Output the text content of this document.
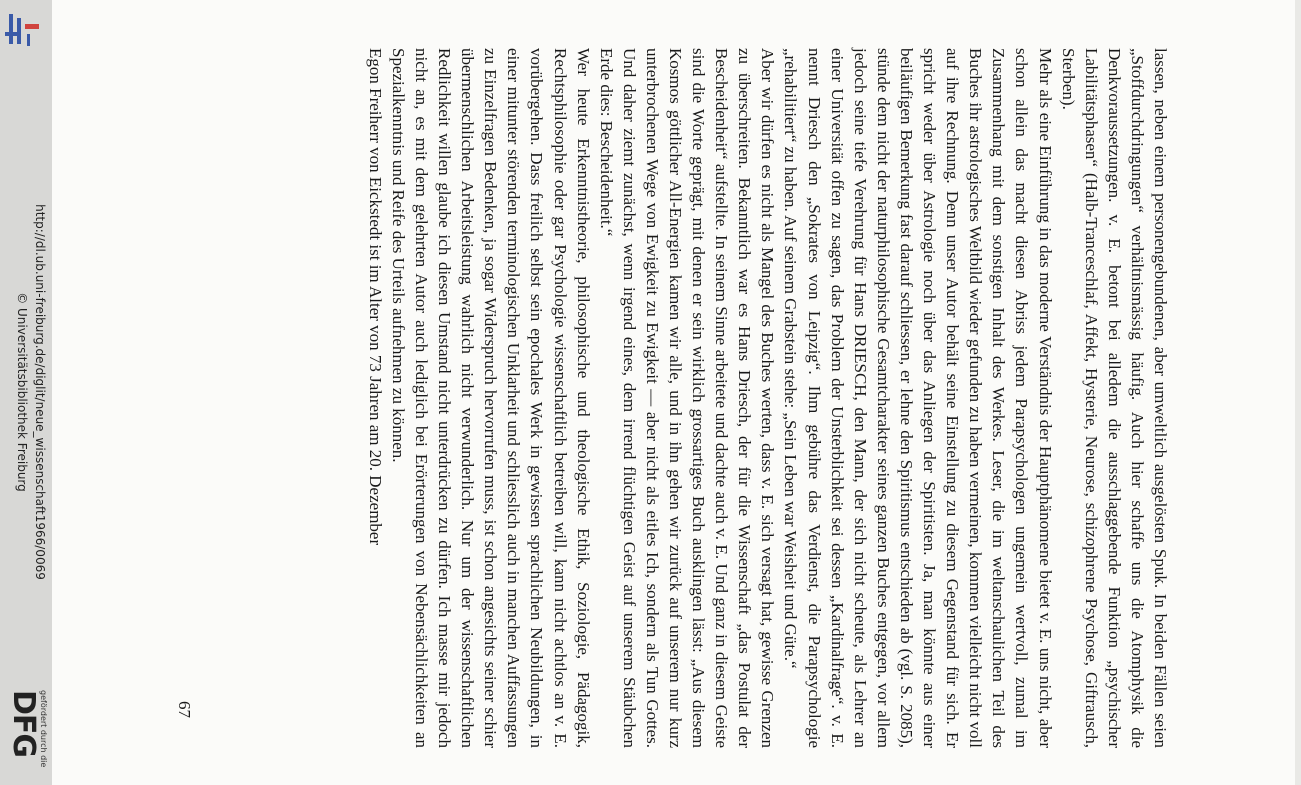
http://dl.ub.uni-freiburg.de/diglit/neue_wissenschaft1966/0069
© Universitätsbibliothek Freiburg
gefördert durch die
DFG	lassen, neben einem personengebundenen, aber umweltlich ausgelösten Spuk. In beiden Fällen seien „Stoffdurchdringungen“ verhältnismässig häufig. Auch hier schaffe uns die Atomphysik die Denkvoraussetzungen. v. E. betont bei alledem die ausschlaggebende Funktion „psychischer Labilitätsphasen“ (Halb-Tranceschlaf, Affekt, Hysterie, Neurose, schizophrene Psychose, Giftrausch, Sterben).

Mehr als eine Einführung in das moderne Verständnis der Hauptphänomene bietet v. E. uns nicht, aber schon allein das macht diesen Abriss jedem Parapsychologen ungemein wertvoll, zumal im Zusammenhang mit dem sonstigen Inhalt des Werkes. Leser, die im weltanschaulichen Teil des Buches ihr astrologisches Weltbild wieder gefunden zu haben vermeinen, kommen vielleicht nicht voll auf ihre Rechnung. Denn unser Autor behält seine Einstellung zu diesem Gegenstand für sich. Er spricht weder über Astrologie noch über das Anliegen der Spiritisten. Ja, man könnte aus einer beiläufigen Bemerkung fast darauf schliessen, er lehne den Spiritismus entschieden ab (vgl. S. 2085), stünde dem nicht der naturphilosophische Gesamtcharakter seines ganzen Buches entgegen, vor allem jedoch seine tiefe Verehrung für Hans DRIESCH, den Mann, der sich nicht scheute, als Lehrer an einer Universität offen zu sagen, das Problem der Unsterblichkeit sei dessen „Kardinalfrage“. v. E. nennt Driesch den „Sokrates von Leipzig“. Ihm gebühre das Verdienst, die Parapsychologie „rehabilitiert“ zu haben. Auf seinem Grabstein stehe: „Sein Leben war Weisheit und Güte.“

Aber wir dürfen es nicht als Mangel des Buches werten, dass v. E. sich versagt hat, gewisse Grenzen zu überschreiten. Bekanntlich war es Hans Driesch, der für die Wissenschaft „das Postulat der Bescheidenheit“ aufstellte. In seinem Sinne arbeitete und dachte auch v. E. Und ganz in diesem Geiste sind die Worte geprägt, mit denen er sein wirklich grossartiges Buch ausklingen lässt: „Aus diesem Kosmos göttlicher All-Energien kamen wir alle, und in ihn gehen wir zurück auf unserem nur kurz unterbrochenen Wege von Ewigkeit zu Ewigkeit — aber nicht als eitles Ich, sondern als Tun Gottes. Und daher ziemt zunächst, wenn irgend eines, dem irrend flüchtigen Geist auf unserem Stäubchen Erde dies: Bescheidenheit.“

Wer heute Erkenntnistheorie, philosophische und theologische Ethik, Soziologie, Pädagogik, Rechtsphilosophie oder gar Psychologie wissenschaftlich betreiben will, kann nicht achtlos an v. E. vorübergehen. Dass freilich selbst sein epochales Werk in gewissen sprachlichen Neubildungen, in einer mitunter störenden terminologischen Unklarheit und schliesslich auch in manchen Auffassungen zu Einzelfragen Bedenken, ja sogar Widerspruch hervorrufen muss, ist schon angesichts seiner schier übermenschlichen Arbeitsleistung wahrlich nicht verwunderlich. Nur um der wissenschaftlichen Redlichkeit willen glaube ich diesen Umstand nicht unterdrücken zu dürfen. Ich masse mir jedoch nicht an, es mit dem gelehrten Autor auch lediglich bei Erörterungen von Nebensächlichkeiten an Spezialkenntnis und Reife des Urteils aufnehmen zu können.

Egon Freiherr von Eickstedt ist im Alter von 73 Jahren am 20. Dezember

67
